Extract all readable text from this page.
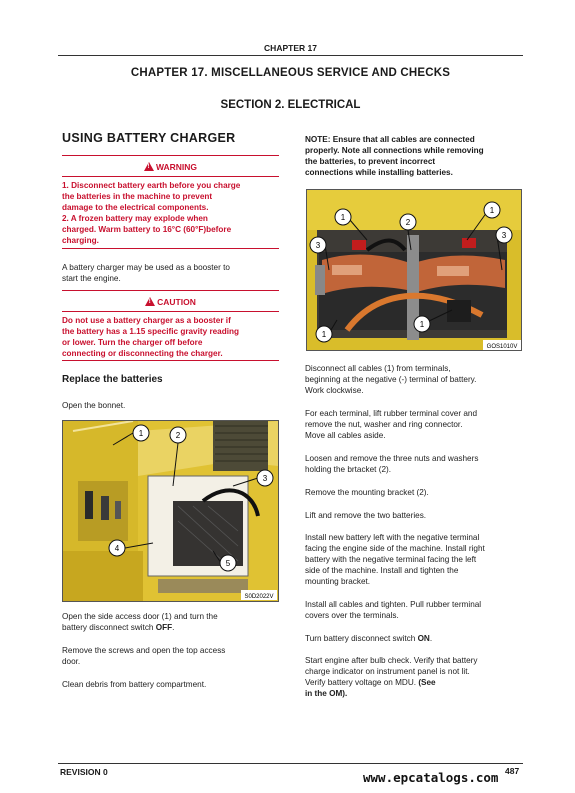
CHAPTER 17
CHAPTER 17. MISCELLANEOUS SERVICE AND CHECKS
SECTION 2. ELECTRICAL
USING BATTERY CHARGER
!WARNING
1. Disconnect battery earth before you charge
the batteries in the machine to prevent
damage to the electrical components.
2. A frozen battery may explode when
charged. Warm battery to 16°C (60°F)before
charging.
A battery charger may be used as a booster to
start the engine.
!CAUTION
Do not use a battery charger as a booster if
the battery has a 1.15 specific gravity reading
or lower. Turn the charger off before
connecting or disconnecting the charger.
Replace the batteries
Open the bonnet.
1	2
3
4
5
S0D2022V
Open the side access door (1) and turn the
battery disconnect switch OFF.
Remove the screws and open the top access
door.
Clean debris from battery compartment.
NOTE: Ensure that all cables are connected
properly. Note all connections while removing
the batteries, to prevent incorrect
connections while installing batteries.
1
2
1
3
3
1
1
GOS1010V
Disconnect all cables (1) from terminals,
beginning at the negative (-) terminal of battery.
Work clockwise.
For each terminal, lift rubber terminal cover and
remove the nut, washer and ring connector.
Move all cables aside.
Loosen and remove the three nuts and washers
holding the brtacket (2).
Remove the mounting bracket (2).
Lift and remove the two batteries.
Install new battery left with the negative terminal
facing the engine side of the machine. Install right
battery with the negative terminal facing the left
side of the machine. Install and tighten the
mounting bracket.
Install all cables and tighten. Pull rubber terminal
covers over the terminals.
Turn battery disconnect switch ON.
Start engine after bulb check. Verify that battery
charge indicator on instrument panel is not lit.
Verify battery voltage on MDU. (See
in the OM).
REVISION 0	487
www.epcatalogs.com
